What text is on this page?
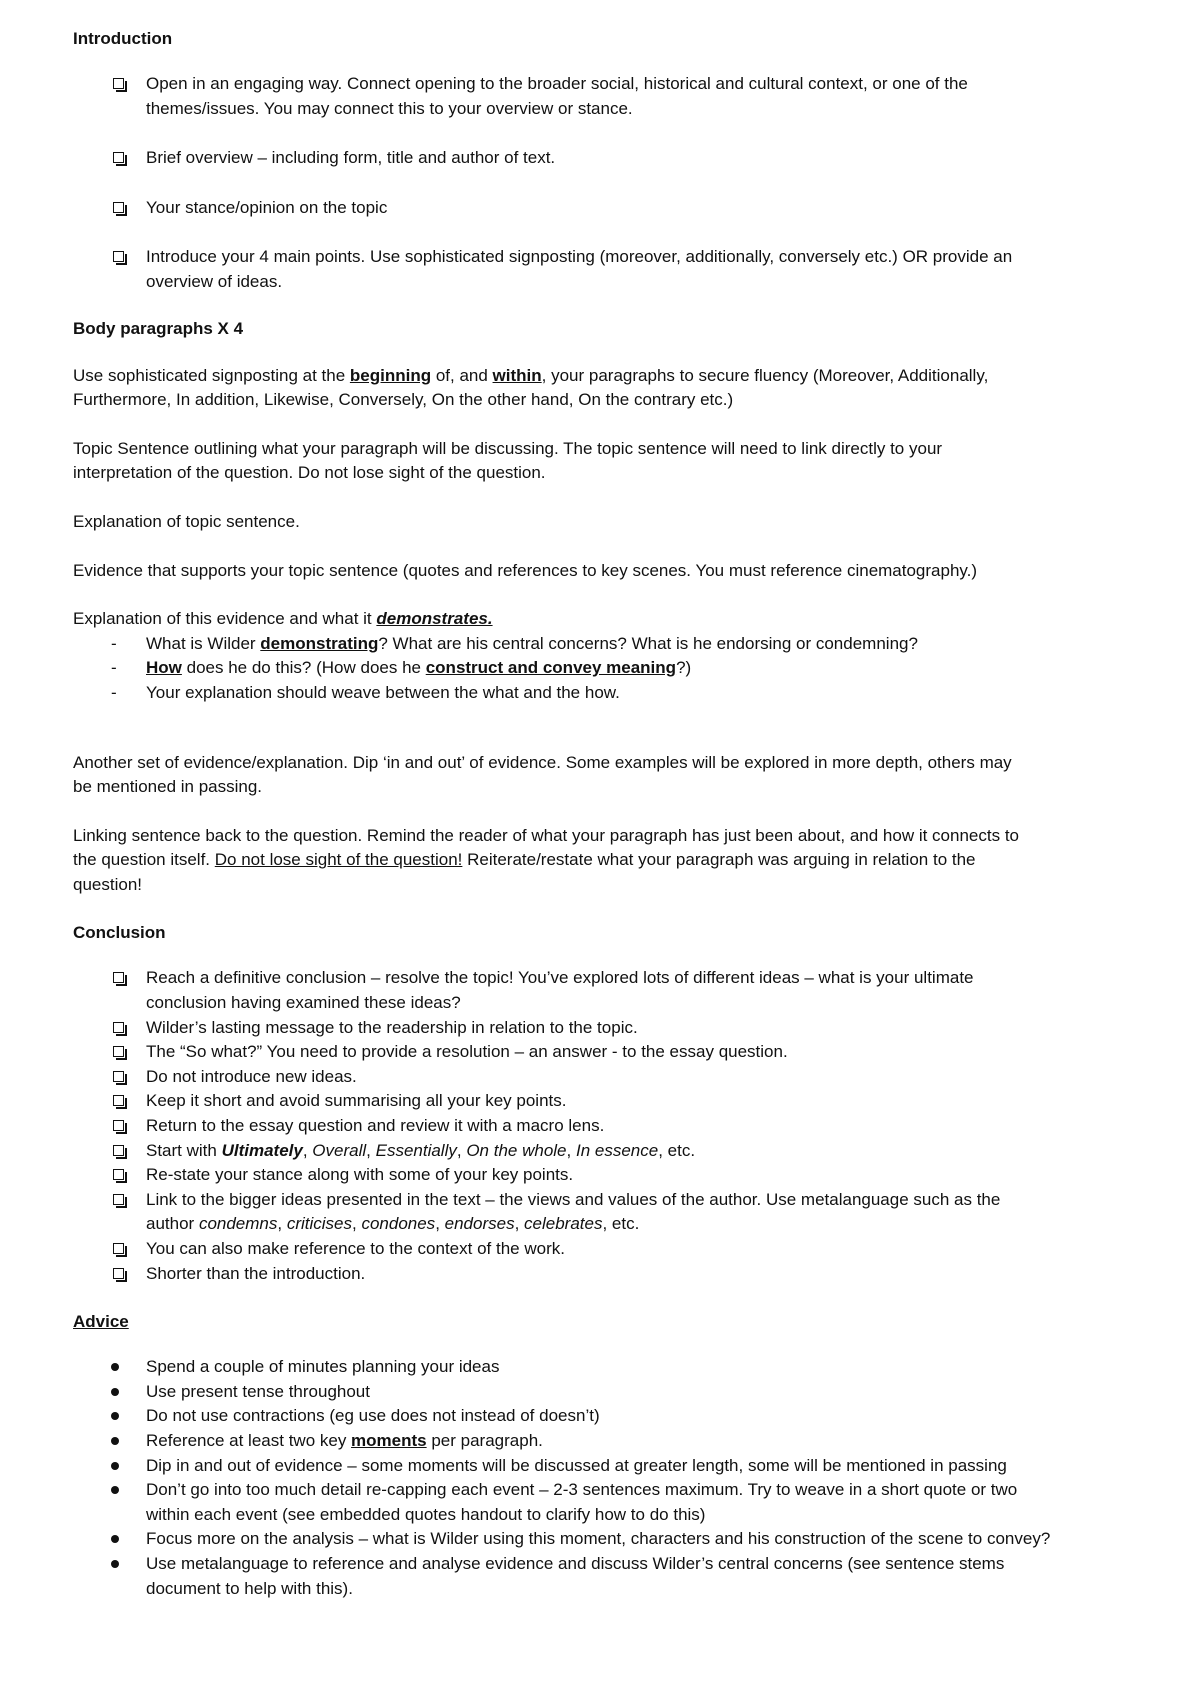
Introduction

Open in an engaging way. Connect opening to the broader social, historical and cultural context, or one of the
themes/issues. You may connect this to your overview or stance.
Brief overview – including form, title and author of text.
Your stance/opinion on the topic
Introduce your 4 main points. Use sophisticated signposting (moreover, additionally, conversely etc.) OR provide an
overview of ideas.

Body paragraphs X 4

Use sophisticated signposting at the beginning of, and within, your paragraphs to secure fluency (Moreover, Additionally,
Furthermore, In addition, Likewise, Conversely, On the other hand, On the contrary etc.)

Topic Sentence outlining what your paragraph will be discussing. The topic sentence will need to link directly to your
interpretation of the question. Do not lose sight of the question.

Explanation of topic sentence.

Evidence that supports your topic sentence (quotes and references to key scenes. You must reference cinematography.)

Explanation of this evidence and what it demonstrates.

- What is Wilder demonstrating? What are his central concerns? What is he endorsing or condemning?
- How does he do this? (How does he construct and convey meaning?)
- Your explanation should weave between the what and the how.

Another set of evidence/explanation. Dip ‘in and out’ of evidence. Some examples will be explored in more depth, others may
be mentioned in passing.

Linking sentence back to the question. Remind the reader of what your paragraph has just been about, and how it connects to
the question itself. Do not lose sight of the question! Reiterate/restate what your paragraph was arguing in relation to the
question!

Conclusion

Reach a definitive conclusion – resolve the topic! You’ve explored lots of different ideas – what is your ultimate
conclusion having examined these ideas?
Wilder’s lasting message to the readership in relation to the topic.
The “So what?” You need to provide a resolution – an answer - to the essay question.
Do not introduce new ideas.
Keep it short and avoid summarising all your key points.
Return to the essay question and review it with a macro lens.
Start with Ultimately, Overall, Essentially, On the whole, In essence, etc.
Re-state your stance along with some of your key points.
Link to the bigger ideas presented in the text – the views and values of the author. Use metalanguage such as the
author condemns, criticises, condones, endorses, celebrates, etc.
You can also make reference to the context of the work.
Shorter than the introduction.

Advice

Spend a couple of minutes planning your ideas
Use present tense throughout
Do not use contractions (eg use does not instead of doesn’t)
Reference at least two key moments per paragraph.
Dip in and out of evidence – some moments will be discussed at greater length, some will be mentioned in passing
Don’t go into too much detail re-capping each event – 2-3 sentences maximum. Try to weave in a short quote or two
within each event (see embedded quotes handout to clarify how to do this)
Focus more on the analysis – what is Wilder using this moment, characters and his construction of the scene to convey?
Use metalanguage to reference and analyse evidence and discuss Wilder’s central concerns (see sentence stems
document to help with this).
